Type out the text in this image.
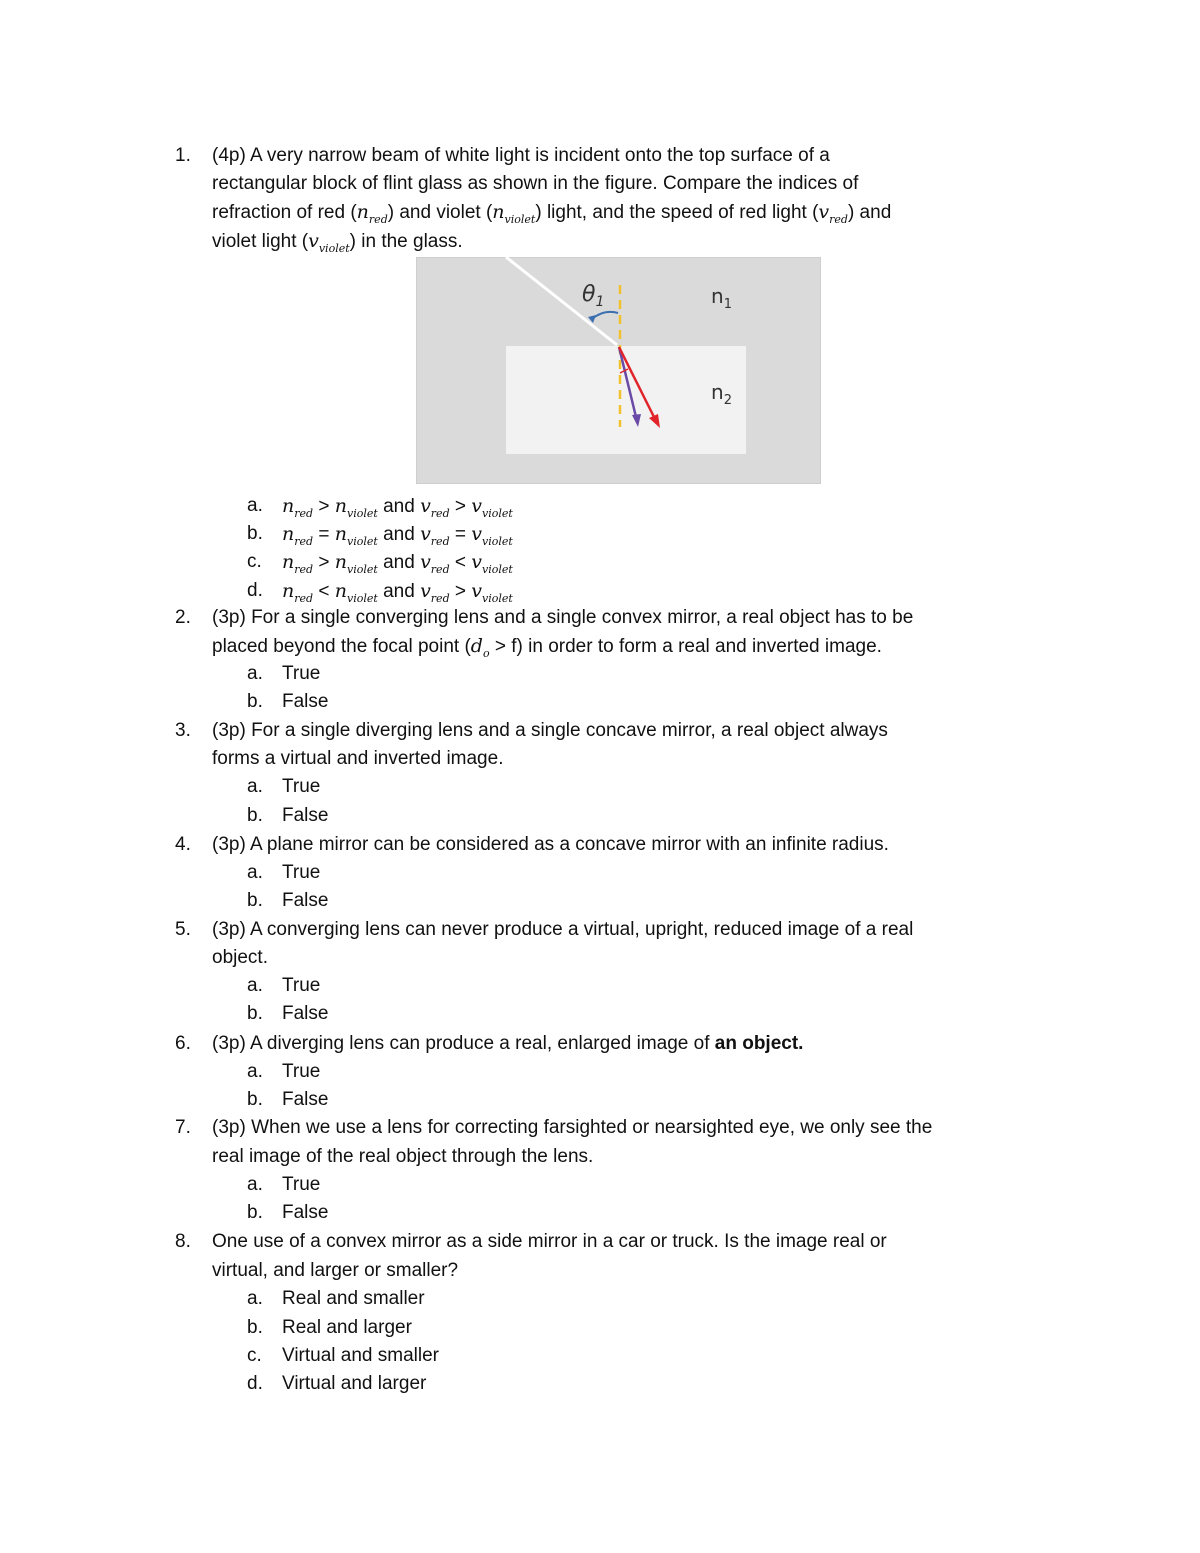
1.	(4p) A very narrow beam of white light is incident onto the top surface of a
rectangular block of flint glass as shown in the figure. Compare the indices of
refraction of red $(n_{red})$ and violet $(n_{violet})$ light, and the speed of red light $(v_{red})$ and
violet light $(v_{violet})$ in the glass.
$\theta_1$	$n_1$
$n_2$
a. $n_{red} > n_{violet}$ and $v_{red} > v_{violet}$
b. $n_{red} = n_{violet}$ and $v_{red} = v_{violet}$
c. $n_{red} > n_{violet}$ and $v_{red} < v_{violet}$
d. $n_{red} < n_{violet}$ and $v_{red} > v_{violet}$
2.	(3p) For a single converging lens and a single convex mirror, a real object has to be
placed beyond the focal point $(d_o > f)$ in order to form a real and inverted image.
a. True
b. False
3.	(3p) For a single diverging lens and a single concave mirror, a real object always
forms a virtual and inverted image.
a. True
b. False
4.	(3p) A plane mirror can be considered as a concave mirror with an infinite radius.
a. True
b. False
5.	(3p) A converging lens can never produce a virtual, upright, reduced image of a real
object.
a. True
b. False
6.	(3p) A diverging lens can produce a real, enlarged image of an object.
a. True
b. False
7.	(3p) When we use a lens for correcting farsighted or nearsighted eye, we only see the
real image of the real object through the lens.
a. True
b. False
8.	One use of a convex mirror as a side mirror in a car or truck. Is the image real or
virtual, and larger or smaller?
a. Real and smaller
b. Real and larger
c. Virtual and smaller
d. Virtual and larger
